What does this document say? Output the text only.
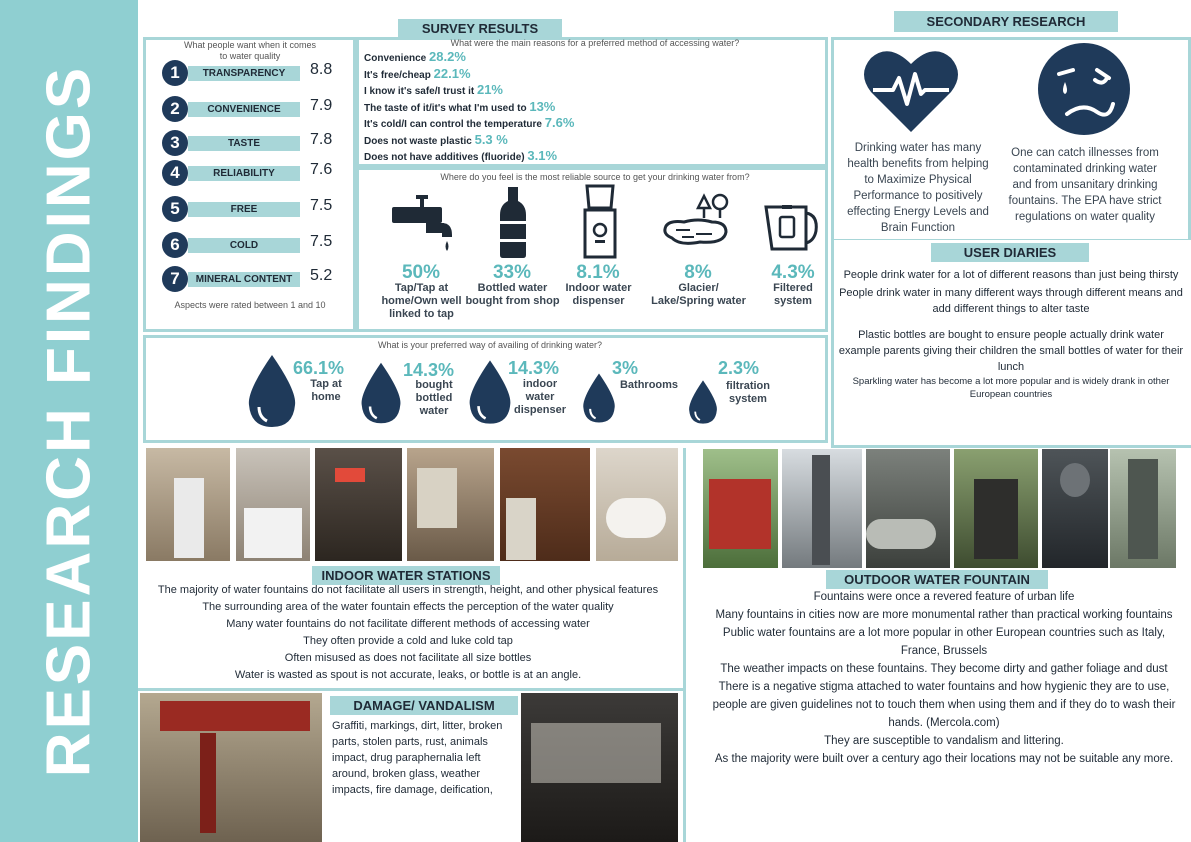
RESEARCH FINDINGS
SURVEY RESULTS
What people want when it comes to water quality
1	TRANSPARENCY	8.8
2	CONVENIENCE	7.9
3	TASTE	7.8
4	RELIABILITY	7.6
5	FREE	7.5
6	COLD	7.5
7	MINERAL CONTENT	5.2
Aspects were rated between 1 and 10
What were the main reasons for a preferred method of accessing water?
Convenience 28.2%
It's free/cheap 22.1%
I know it's safe/I trust it 21%
The taste of it/it's what I'm used to 13%
It's cold/I can control the temperature 7.6%
Does not waste plastic 5.3 %
Does not have additives (fluoride) 3.1%
Where do you feel is the most reliable source to get your drinking water from?
50%
Tap/Tap at home/Own well linked to tap
33%
Bottled water bought from shop
8.1%
Indoor water dispenser
8%
Glacier/ Lake/Spring water
4.3%
Filtered system
What is your preferred way of availing of drinking water?
66.1%
Tap at home
14.3%
bought bottled water
14.3%
indoor water dispenser
3%
Bathrooms
2.3%
filtration system
SECONDARY RESEARCH
Drinking water has many health benefits from helping to Maximize Physical Performance to positively effecting Energy Levels and Brain Function
One can catch illnesses from contaminated drinking water and from unsanitary drinking fountains. The EPA have strict regulations on water quality
USER DIARIES

People drink water for a lot of different reasons than just being thirsty

People drink water in many different ways through different means and add different things to alter taste

Plastic bottles are bought to ensure people actually drink water example parents giving their children the small bottles of water for their lunch

Sparkling water has become a lot more popular and is widely drank in other European countries

INDOOR WATER STATIONS

The majority of water fountains do not facilitate all users in strength, height, and other physical features

The surrounding area of the water fountain effects the perception of the water quality

Many water fountains do not facilitate different methods of accessing water

They often provide a cold and luke cold tap

Often misused as does not facilitate all size bottles

Water is wasted as spout is not accurate, leaks, or bottle is at an angle.

DAMAGE/ VANDALISM
Graffiti, markings, dirt, litter, broken parts, stolen parts, rust, animals impact, drug paraphernalia left around, broken glass, weather impacts, fire damage, deification,
OUTDOOR WATER FOUNTAIN

Fountains were once a revered feature of urban life

Many fountains in cities now are more monumental rather than practical working fountains

Public water fountains are a lot more popular in other European countries such as Italy, France, Brussels

The weather impacts on these fountains. They become dirty and gather foliage and dust

There is a negative stigma attached to water fountains and how hygienic they are to use, people are given guidelines not to touch them when using them and if they do to wash their hands. (Mercola.com)

They are susceptible to vandalism and littering.

As the majority were built over a century ago their locations may not be suitable any more.
